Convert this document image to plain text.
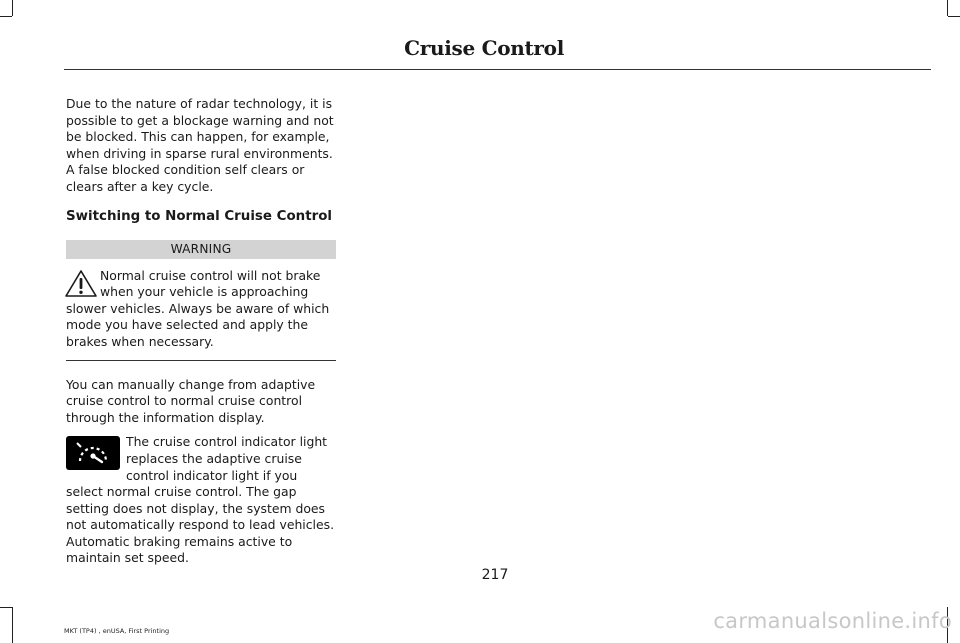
Cruise Control

Due to the nature of radar technology, it is possible to get a blockage warning and not be blocked. This can happen, for example, when driving in sparse rural environments. A false blocked condition self clears or clears after a key cycle.

Switching to Normal Cruise Control
WARNING
Normal cruise control will not brake when your vehicle is approaching slower vehicles. Always be aware of which mode you have selected and apply the brakes when necessary.

You can manually change from adaptive cruise control to normal cruise control through the information display.

The cruise control indicator light replaces the adaptive cruise control indicator light if you select normal cruise control. The gap setting does not display, the system does not automatically respond to lead vehicles. Automatic braking remains active to maintain set speed.
217
MKT (TP4) , enUSA, First Printing	carmanualsonline.info
